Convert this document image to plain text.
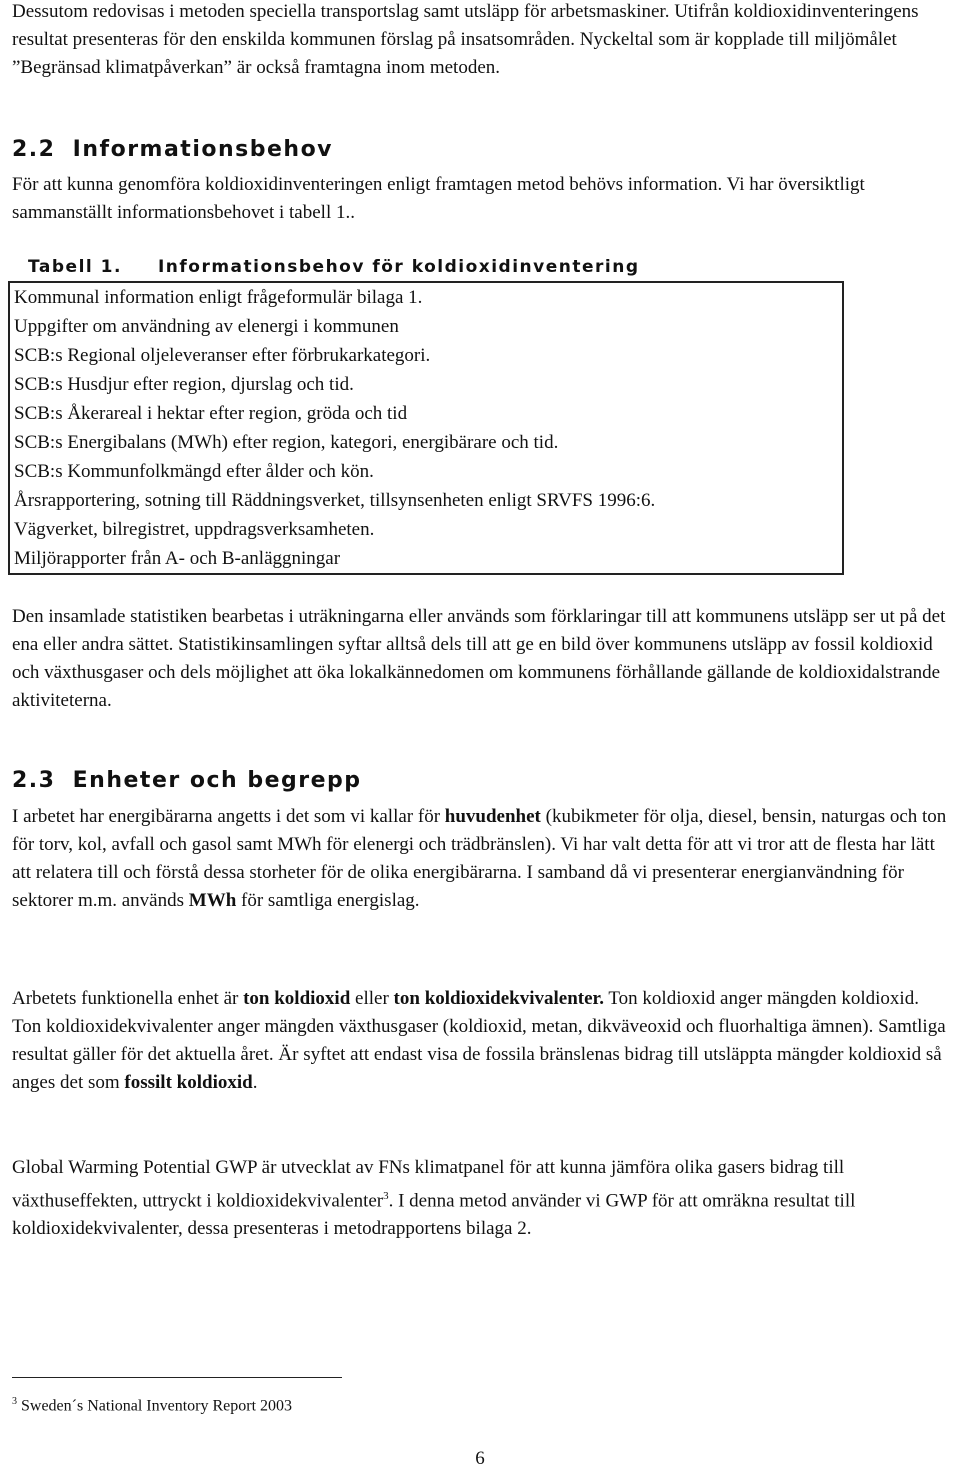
Dessutom redovisas i metoden speciella transportslag samt utsläpp för arbetsmaskiner. Utifrån koldioxidinventeringens resultat presenteras för den enskilda kommunen förslag på insatsområden. Nyckeltal som är kopplade till miljömålet ”Begränsad klimatpåverkan” är också framtagna inom metoden.

2.2 Informationsbehov

För att kunna genomföra koldioxidinventeringen enligt framtagen metod behövs information. Vi har översiktligt sammanställt informationsbehovet i tabell 1..

Tabell 1. Informationsbehov för koldioxidinventering
Kommunal information enligt frågeformulär bilaga 1.
Uppgifter om användning av elenergi i kommunen
SCB:s Regional oljeleveranser efter förbrukarkategori.
SCB:s Husdjur efter region, djurslag och tid.
SCB:s Åkerareal i hektar efter region, gröda och tid
SCB:s Energibalans (MWh) efter region, kategori, energibärare och tid.
SCB:s Kommunfolkmängd efter ålder och kön.
Årsrapportering, sotning till Räddningsverket, tillsynsenheten enligt SRVFS 1996:6.
Vägverket, bilregistret, uppdragsverksamheten.
Miljörapporter från A- och B-anläggningar

Den insamlade statistiken bearbetas i uträkningarna eller används som förklaringar till att kommunens utsläpp ser ut på det ena eller andra sättet. Statistikinsamlingen syftar alltså dels till att ge en bild över kommunens utsläpp av fossil koldioxid och växthusgaser och dels möjlighet att öka lokalkännedomen om kommunens förhållande gällande de koldioxidalstrande aktiviteterna.

2.3 Enheter och begrepp

I arbetet har energibärarna angetts i det som vi kallar för huvudenhet (kubikmeter för olja, diesel, bensin, naturgas och ton för torv, kol, avfall och gasol samt MWh för elenergi och trädbränslen). Vi har valt detta för att vi tror att de flesta har lätt att relatera till och förstå dessa storheter för de olika energibärarna. I samband då vi presenterar energianvändning för sektorer m.m. används MWh för samtliga energislag.

Arbetets funktionella enhet är ton koldioxid eller ton koldioxidekvivalenter. Ton koldioxid anger mängden koldioxid. Ton koldioxidekvivalenter anger mängden växthusgaser (koldioxid, metan, dikväveoxid och fluorhaltiga ämnen). Samtliga resultat gäller för det aktuella året. Är syftet att endast visa de fossila bränslenas bidrag till utsläppta mängder koldioxid så anges det som fossilt koldioxid.

Global Warming Potential GWP är utvecklat av FNs klimatpanel för att kunna jämföra olika gasers bidrag till växthuseffekten, uttryckt i koldioxidekvivalenter$^3$. I denna metod använder vi GWP för att omräkna resultat till koldioxidekvivalenter, dessa presenteras i metodrapportens bilaga 2.

$^3$ Sweden´s National Inventory Report 2003
6
